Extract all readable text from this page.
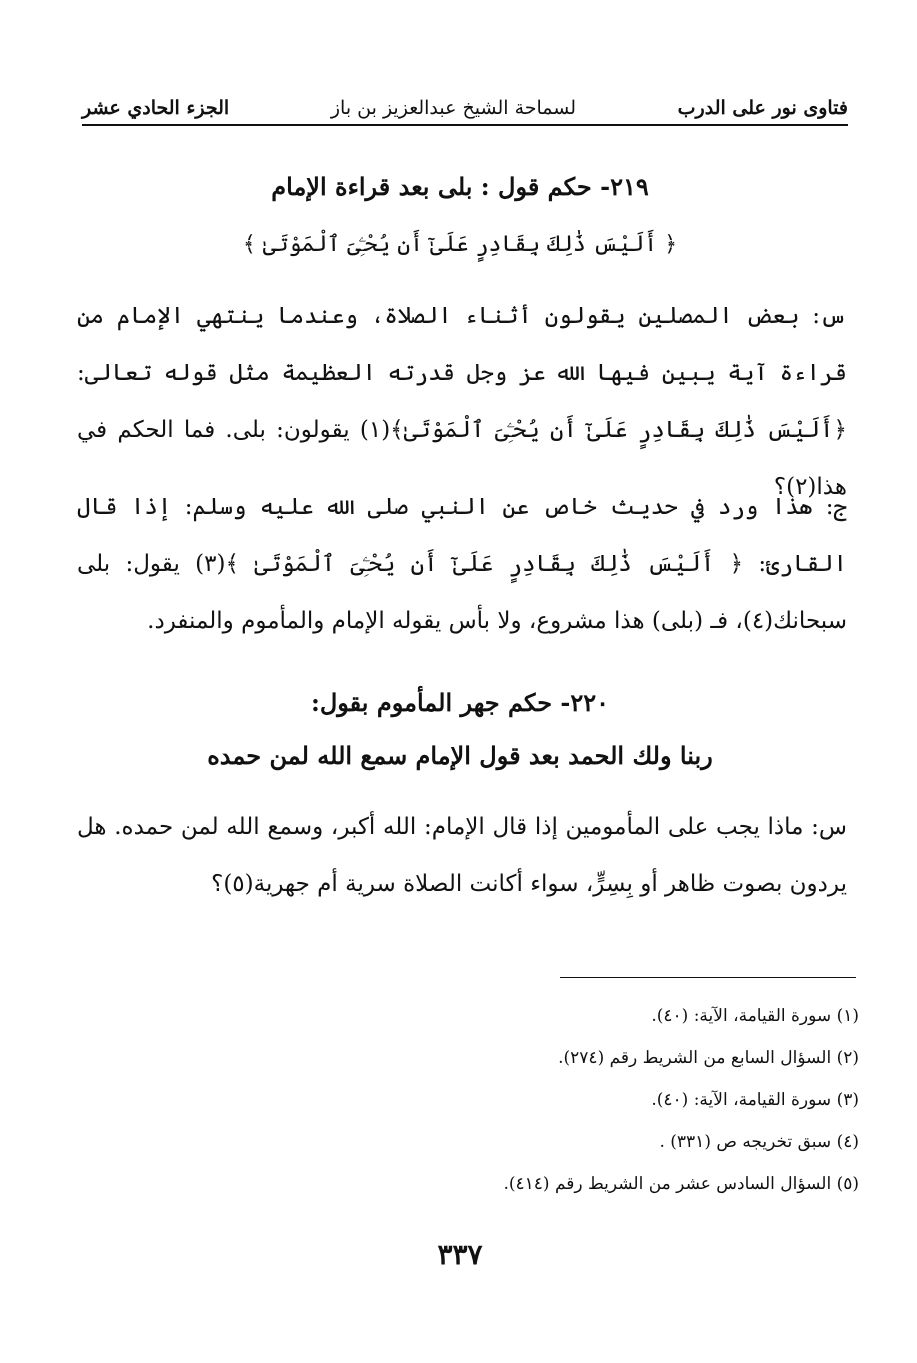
فتاوى نور على الدرب
لسماحة الشيخ عبدالعزيز بن باز
الجزء الحادي عشر
٢١٩- حكم قول : بلى بعد قراءة الإمام
﴿ أَلَيْسَ ذَٰلِكَ بِقَادِرٍ عَلَىٰٓ أَن يُحْـِۧىَ ٱلْمَوْتَىٰ ﴾
س: بعض المصلين يقولون أثناء الصلاة، وعندما ينتهي الإمام من قراءة آية يبين فيها الله عز وجل قدرته العظيمة مثل قوله تعالى: ﴿أَلَيْسَ ذَٰلِكَ بِقَادِرٍ عَلَىٰٓ أَن يُحْـِۧىَ ٱلْمَوْتَىٰ﴾(١) يقولون: بلى. فما الحكم في هذا(٢)؟
ج: هذا ورد في حديث خاص عن النبي صلى الله عليه وسلم: إذا قال القارئ: ﴿ أَلَيْسَ ذَٰلِكَ بِقَادِرٍ عَلَىٰٓ أَن يُحْـِۧىَ ٱلْمَوْتَىٰ ﴾(٣) يقول: بلى سبحانك(٤)، فـ (بلى) هذا مشروع، ولا بأس يقوله الإمام والمأموم والمنفرد.
٢٢٠- حكم جهر المأموم بقول:
ربنا ولك الحمد بعد قول الإمام سمع الله لمن حمده
س: ماذا يجب على المأمومين إذا قال الإمام: الله أكبر، وسمع الله لمن حمده. هل يردون بصوت ظاهر أو بِسِرٍّ، سواء أكانت الصلاة سرية أم جهرية(٥)؟
(١) سورة القيامة، الآية: (٤٠).
(٢) السؤال السابع من الشريط رقم (٢٧٤).
(٣) سورة القيامة، الآية: (٤٠).
(٤) سبق تخريجه ص (٣٣١) .
(٥) السؤال السادس عشر من الشريط رقم (٤١٤).
٣٣٧
